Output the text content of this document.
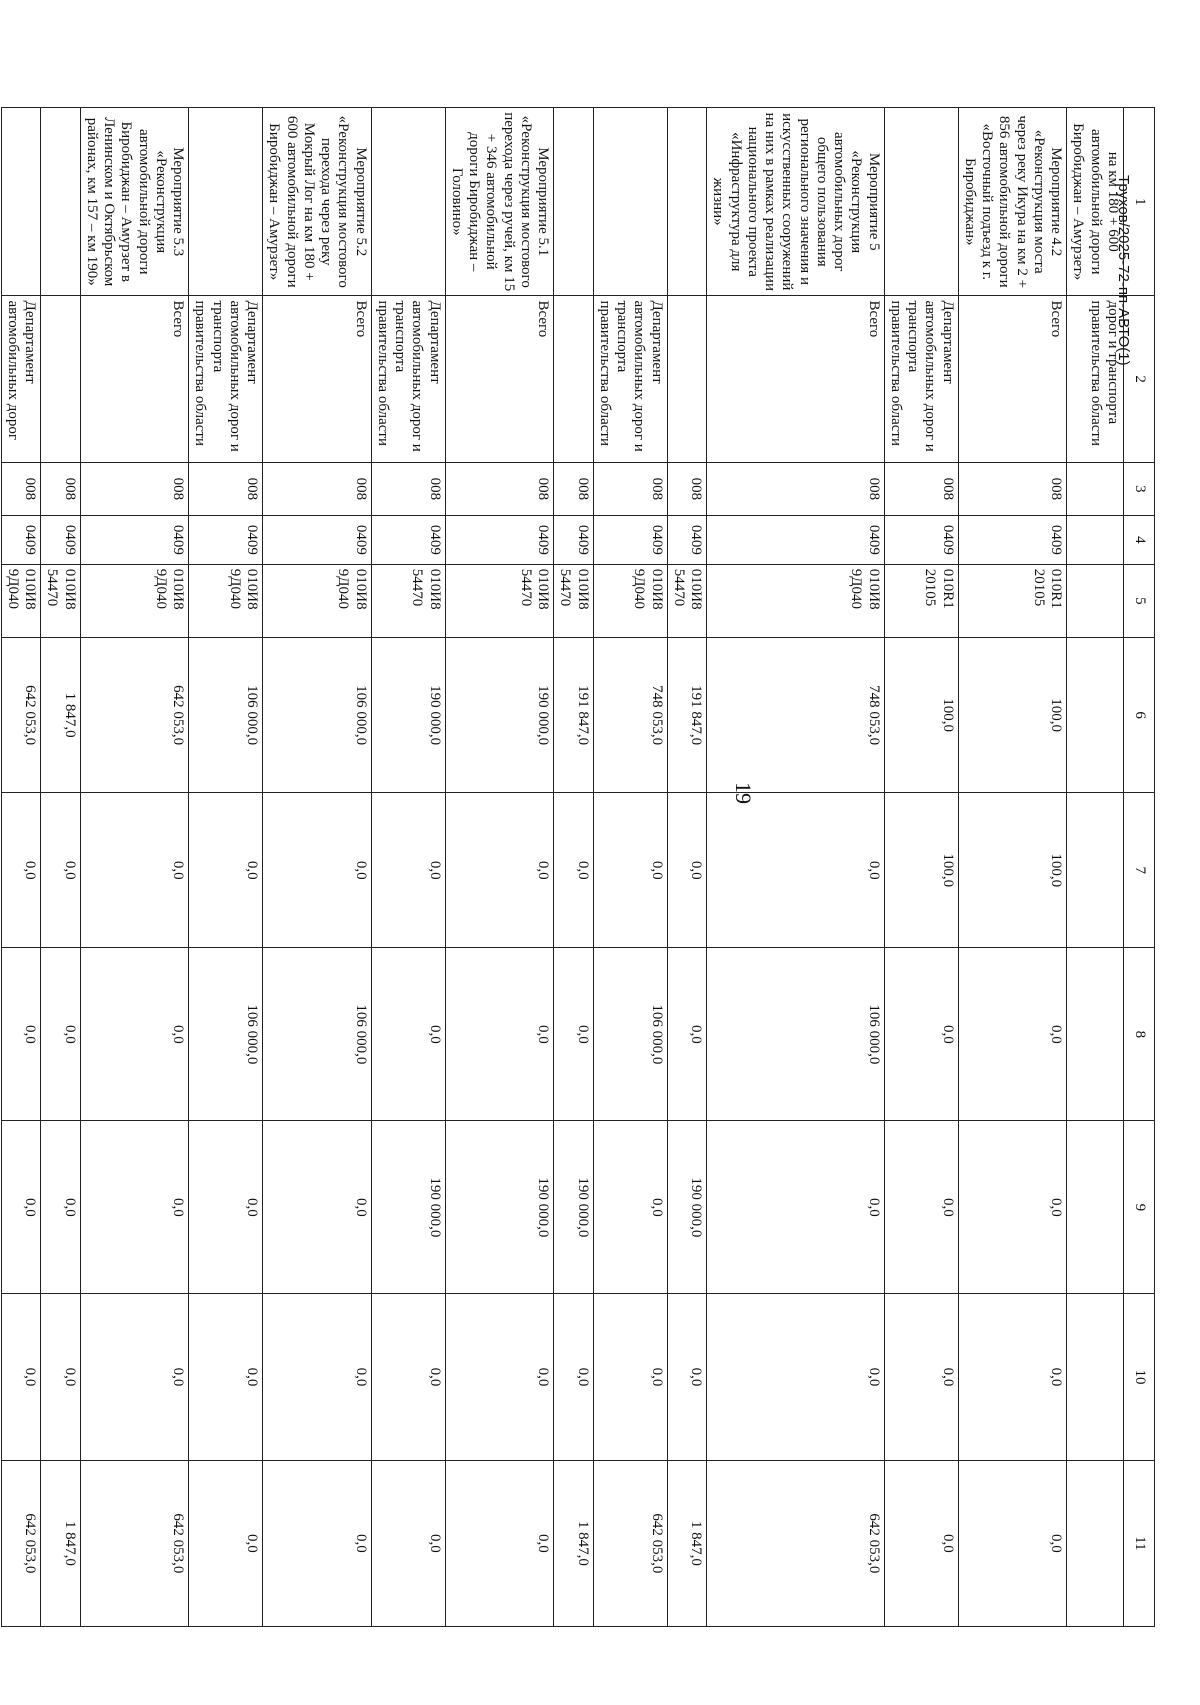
19
Трухов/2025-72-пп-АВТО(1) 1	2	3	4	5	6	7	8	9	10	11
на км 180 + 600 автомобильной дороги Биробиджан – Амурзет»	дорог и транспорта правительства области									
Мероприятие 4.2 «Реконструкция моста через реку Икура на км 2 + 856 автомобильной дороги «Восточный подъезд к г. Биробиджан»	Всего	008	0409	010R1 20105	100,0	100,0	0,0	0,0	0,0	0,0
	Департамент автомобильных дорог и транспорта правительства области	008	0409	010R1 20105	100,0	100,0	0,0	0,0	0,0	0,0
Мероприятие 5 «Реконструкция автомобильных дорог общего пользования регионального значения и искусственных сооружений на них в рамках реализации национального проекта «Инфраструктура для жизни»	Всего	008	0409	010И8 9Д040	748 053,0	0,0	106 000,0	0,0	0,0	642 053,0
		008	0409	010И8 54470	191 847,0	0,0	0,0	190 000,0	0,0	1 847,0
	Департамент автомобильных дорог и транспорта правительства области	008	0409	010И8 9Д040	748 053,0	0,0	106 000,0	0,0	0,0	642 053,0
		008	0409	010И8 54470	191 847,0	0,0	0,0	190 000,0	0,0	1 847,0
Мероприятие 5.1 «Реконструкция мостового перехода через ручей, км 15 + 346 автомобильной дороги Биробиджан – Головино»	Всего	008	0409	010И8 54470	190 000,0	0,0	0,0	190 000,0	0,0	0,0
	Департамент автомобильных дорог и транспорта правительства области	008	0409	010И8 54470	190 000,0	0,0	0,0	190 000,0	0,0	0,0
Мероприятие 5.2 «Реконструкция мостового перехода через реку Мокрый Лог на км 180 + 600 автомобильной дороги Биробиджан – Амурзет»	Всего	008	0409	010И8 9Д040	106 000,0	0,0	106 000,0	0,0	0,0	0,0
	Департамент автомобильных дорог и транспорта правительства области	008	0409	010И8 9Д040	106 000,0	0,0	106 000,0	0,0	0,0	0,0
Мероприятие 5.3 «Реконструкция автомобильной дороги Биробиджан – Амурзет в Ленинском и Октябрьском районах, км 157 – км 190»	Всего	008	0409	010И8 9Д040	642 053,0	0,0	0,0	0,0	0,0	642 053,0
		008	0409	010И8 54470	1 847,0	0,0	0,0	0,0	0,0	1 847,0
	Департамент автомобильных дорог	008	0409	010И8 9Д040	642 053,0	0,0	0,0	0,0	0,0	642 053,0
